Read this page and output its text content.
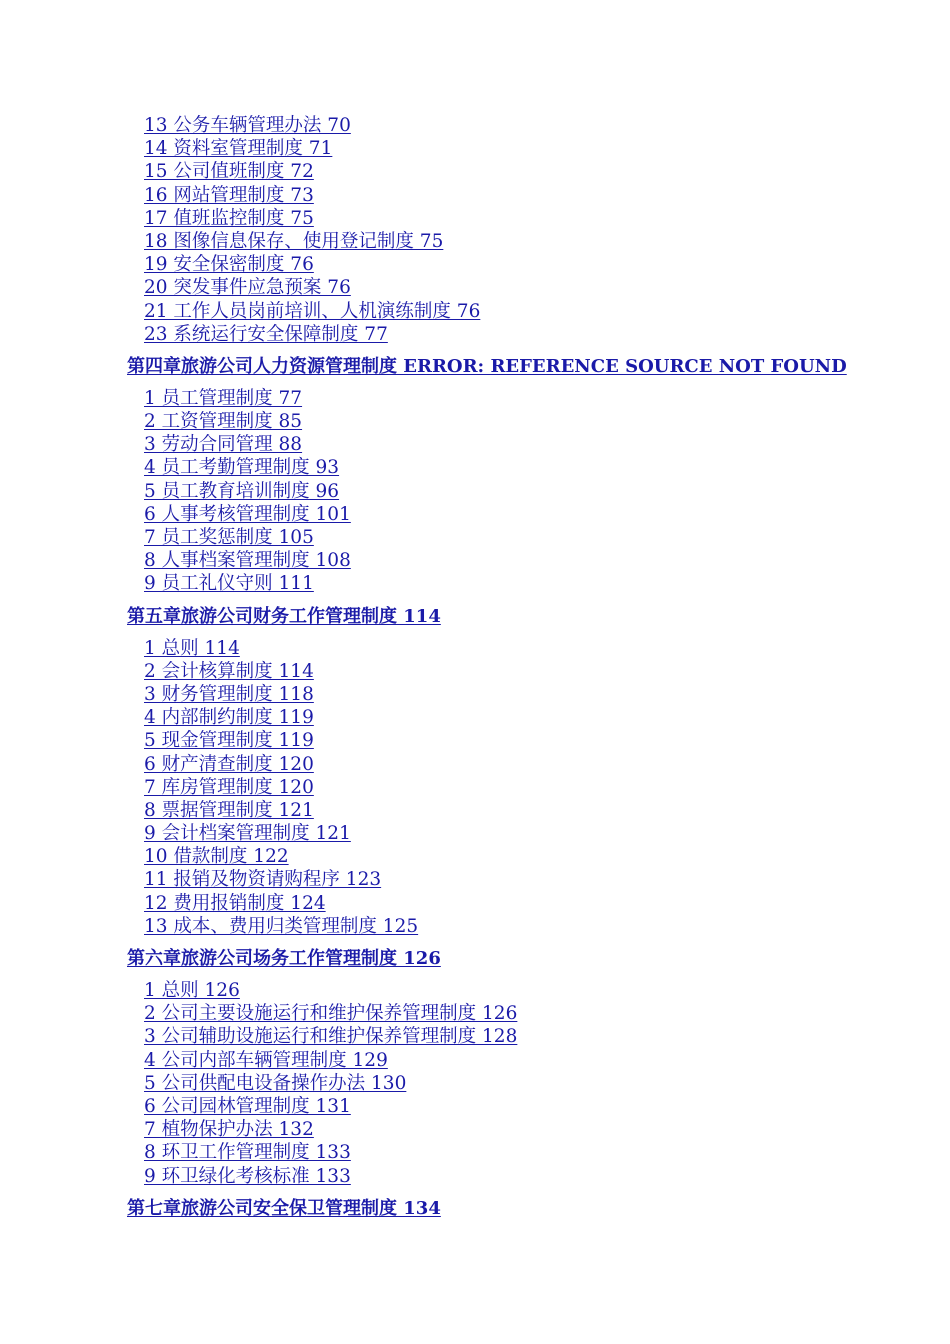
13 公务车辆管理办法 70
14 资料室管理制度 71
15 公司值班制度 72
16 网站管理制度 73
17 值班监控制度 75
18 图像信息保存、使用登记制度 75
19 安全保密制度 76
20 突发事件应急预案 76
21 工作人员岗前培训、人机演练制度 76
23 系统运行安全保障制度 77
第四章旅游公司人力资源管理制度 ERROR: REFERENCE SOURCE NOT FOUND
1 员工管理制度 77
2 工资管理制度 85
3 劳动合同管理 88
4 员工考勤管理制度 93
5 员工教育培训制度 96
6 人事考核管理制度 101
7 员工奖惩制度 105
8 人事档案管理制度 108
9 员工礼仪守则 111
第五章旅游公司财务工作管理制度 114
1 总则 114
2 会计核算制度 114
3 财务管理制度 118
4 内部制约制度 119
5 现金管理制度 119
6 财产清查制度 120
7 库房管理制度 120
8 票据管理制度 121
9 会计档案管理制度 121
10 借款制度 122
11 报销及物资请购程序 123
12 费用报销制度 124
13 成本、费用归类管理制度 125
第六章旅游公司场务工作管理制度 126
1 总则 126
2 公司主要设施运行和维护保养管理制度 126
3 公司辅助设施运行和维护保养管理制度 128
4 公司内部车辆管理制度 129
5 公司供配电设备操作办法 130
6 公司园林管理制度 131
7 植物保护办法 132
8 环卫工作管理制度 133
9 环卫绿化考核标准 133
第七章旅游公司安全保卫管理制度 134
